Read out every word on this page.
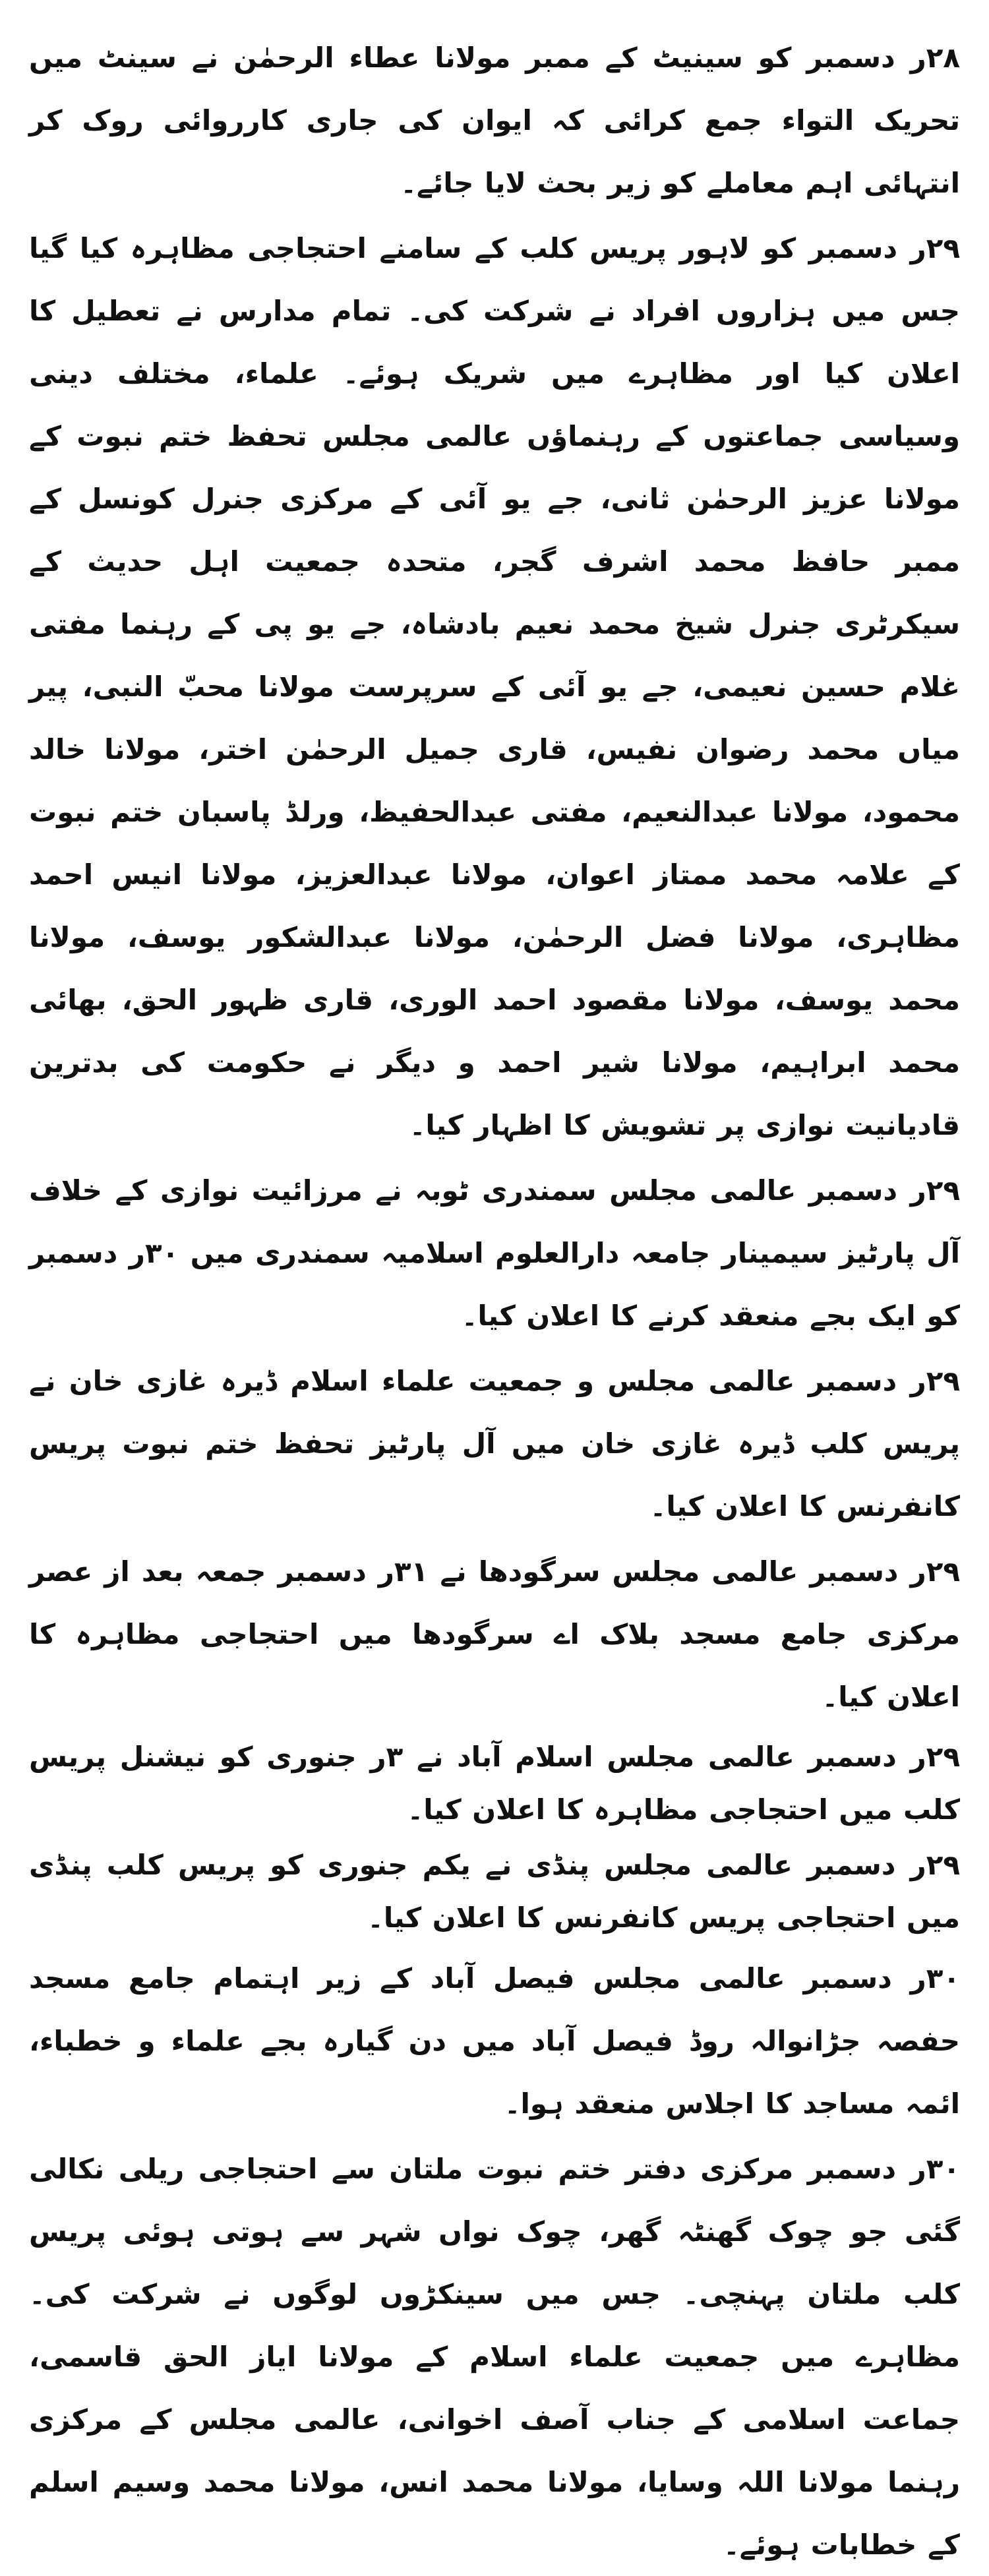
۲۸ر دسمبر کو سینیٹ کے ممبر مولانا عطاء الرحمٰن نے سینٹ میں تحریک التواء جمع کرائی کہ ایوان کی جاری کارروائی روک کر انتہائی اہم معاملے کو زیر بحث لایا جائے۔

۲۹ر دسمبر کو لاہور پریس کلب کے سامنے احتجاجی مظاہرہ کیا گیا جس میں ہزاروں افراد نے شرکت کی۔ تمام مدارس نے تعطیل کا اعلان کیا اور مظاہرے میں شریک ہوئے۔ علماء، مختلف دینی وسیاسی جماعتوں کے رہنماؤں عالمی مجلس تحفظ ختم نبوت کے مولانا عزیز الرحمٰن ثانی، جے یو آئی کے مرکزی جنرل کونسل کے ممبر حافظ محمد اشرف گجر، متحدہ جمعیت اہل حدیث کے سیکرٹری جنرل شیخ محمد نعیم بادشاہ، جے یو پی کے رہنما مفتی غلام حسین نعیمی، جے یو آئی کے سرپرست مولانا محبّ النبی، پیر میاں محمد رضوان نفیس، قاری جمیل الرحمٰن اختر، مولانا خالد محمود، مولانا عبدالنعیم، مفتی عبدالحفیظ، ورلڈ پاسبان ختم نبوت کے علامہ محمد ممتاز اعوان، مولانا عبدالعزیز، مولانا انیس احمد مظاہری، مولانا فضل الرحمٰن، مولانا عبدالشکور یوسف، مولانا محمد یوسف، مولانا مقصود احمد الوری، قاری ظہور الحق، بھائی محمد ابراہیم، مولانا شیر احمد و دیگر نے حکومت کی بدترین قادیانیت نوازی پر تشویش کا اظہار کیا۔

۲۹ر دسمبر عالمی مجلس سمندری ٹوبہ نے مرزائیت نوازی کے خلاف آل پارٹیز سیمینار جامعہ دارالعلوم اسلامیہ سمندری میں ۳۰ر دسمبر کو ایک بجے منعقد کرنے کا اعلان کیا۔

۲۹ر دسمبر عالمی مجلس و جمعیت علماء اسلام ڈیرہ غازی خان نے پریس کلب ڈیرہ غازی خان میں آل پارٹیز تحفظ ختم نبوت پریس کانفرنس کا اعلان کیا۔

۲۹ر دسمبر عالمی مجلس سرگودھا نے ۳۱ر دسمبر جمعہ بعد از عصر مرکزی جامع مسجد بلاک اے سرگودھا میں احتجاجی مظاہرہ کا اعلان کیا۔

۲۹ر دسمبر عالمی مجلس اسلام آباد نے ۳ر جنوری کو نیشنل پریس کلب میں احتجاجی مظاہرہ کا اعلان کیا۔

۲۹ر دسمبر عالمی مجلس پنڈی نے یکم جنوری کو پریس کلب پنڈی میں احتجاجی پریس کانفرنس کا اعلان کیا۔

۳۰ر دسمبر عالمی مجلس فیصل آباد کے زیر اہتمام جامع مسجد حفصہ جڑانوالہ روڈ فیصل آباد میں دن گیارہ بجے علماء و خطباء، ائمہ مساجد کا اجلاس منعقد ہوا۔

۳۰ر دسمبر مرکزی دفتر ختم نبوت ملتان سے احتجاجی ریلی نکالی گئی جو چوک گھنٹہ گھر، چوک نواں شہر سے ہوتی ہوئی پریس کلب ملتان پہنچی۔ جس میں سینکڑوں لوگوں نے شرکت کی۔ مظاہرے میں جمعیت علماء اسلام کے مولانا ایاز الحق قاسمی، جماعت اسلامی کے جناب آصف اخوانی، عالمی مجلس کے مرکزی رہنما مولانا اللہ وسایا، مولانا محمد انس، مولانا محمد وسیم اسلم کے خطابات ہوئے۔
